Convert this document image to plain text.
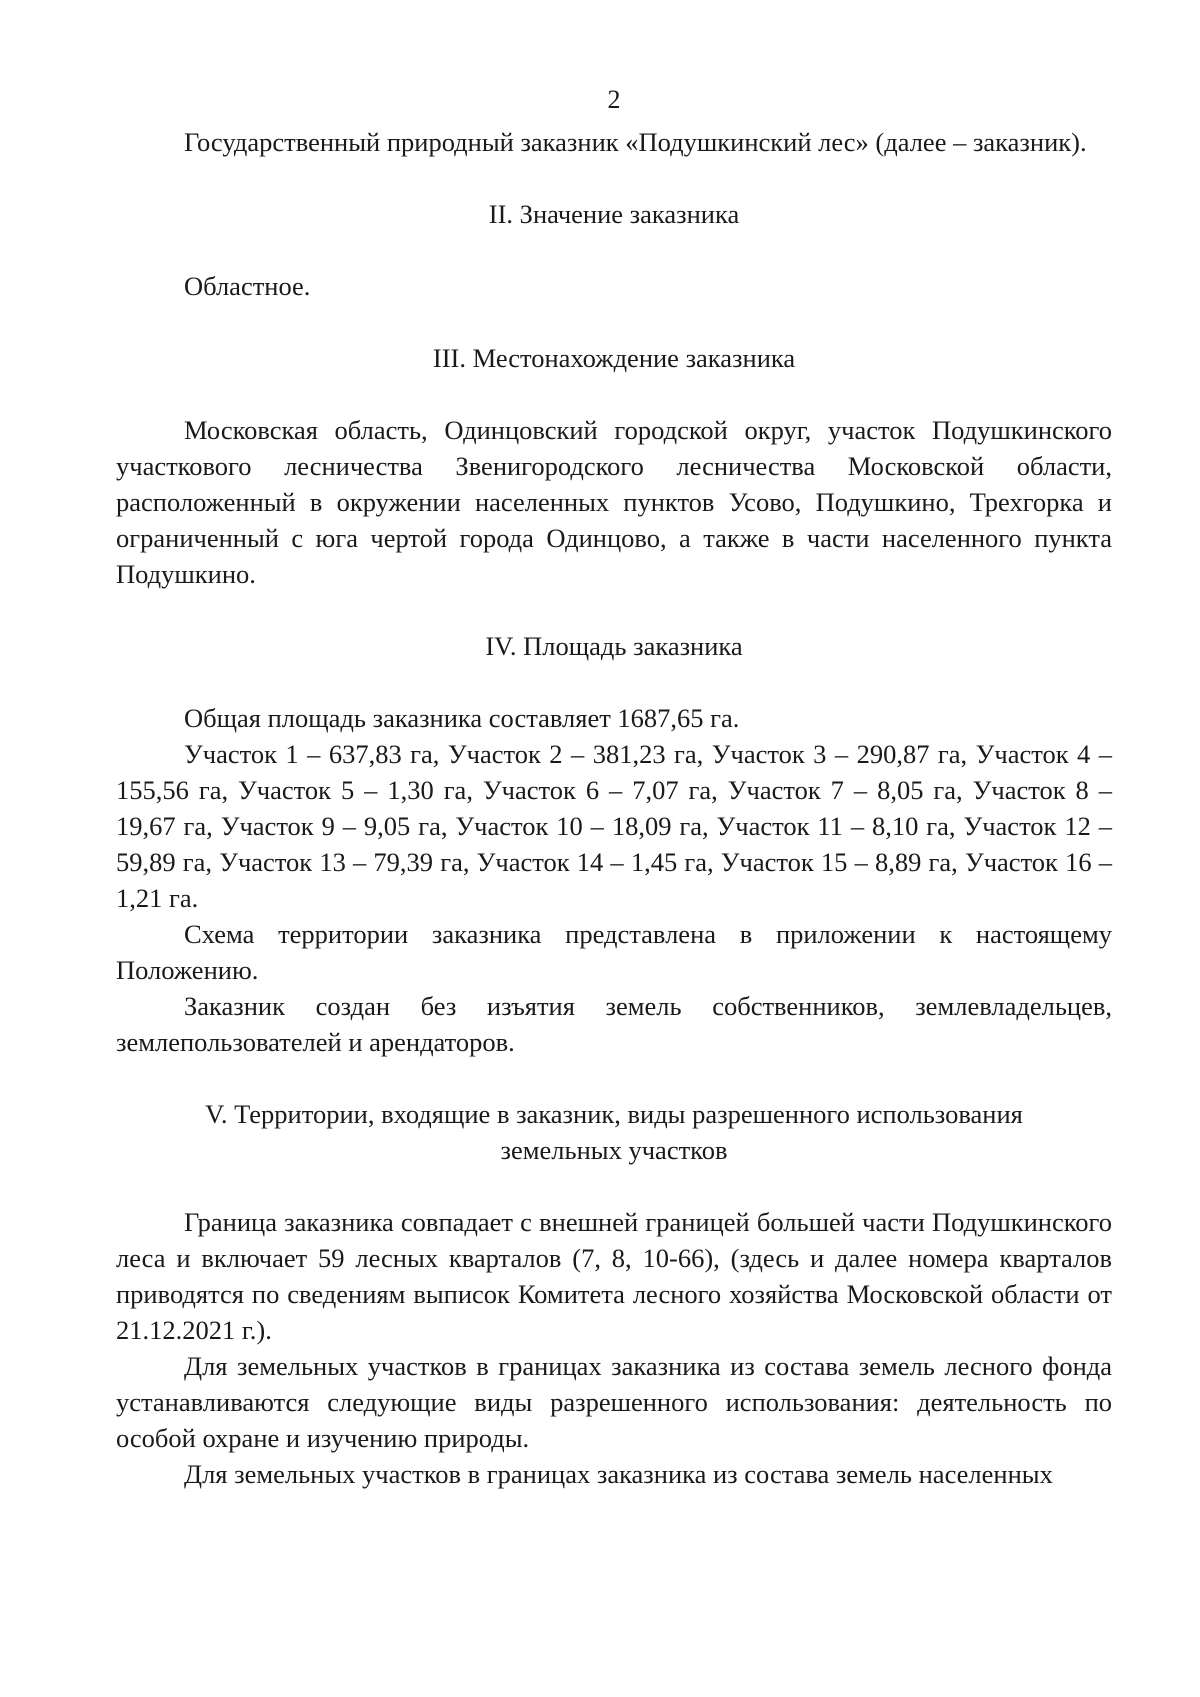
2

Государственный природный заказник «Подушкинский лес» (далее – заказник).

II. Значение заказника

Областное.

III. Местонахождение заказника

Московская область, Одинцовский городской округ, участок Подушкинского участкового лесничества Звенигородского лесничества Московской области, расположенный в окружении населенных пунктов Усово, Подушкино, Трехгорка и ограниченный с юга чертой города Одинцово, а также в части населенного пункта Подушкино.

IV. Площадь заказника

Общая площадь заказника составляет 1687,65 га.

Участок 1 – 637,83 га, Участок 2 – 381,23 га, Участок 3 – 290,87 га, Участок 4 – 155,56 га, Участок 5 – 1,30 га, Участок 6 – 7,07 га, Участок 7 – 8,05 га, Участок 8 – 19,67 га, Участок 9 – 9,05 га, Участок 10 – 18,09 га, Участок 11 – 8,10 га, Участок 12 – 59,89 га, Участок 13 – 79,39 га, Участок 14 – 1,45 га, Участок 15 – 8,89 га, Участок 16 – 1,21 га.

Схема территории заказника представлена в приложении к настоящему Положению.

Заказник создан без изъятия земель собственников, землевладельцев, землепользователей и арендаторов.

V. Территории, входящие в заказник, виды разрешенного использования
земельных участков

Граница заказника совпадает с внешней границей большей части Подушкинского леса и включает 59 лесных кварталов (7, 8, 10-66), (здесь и далее номера кварталов приводятся по сведениям выписок Комитета лесного хозяйства Московской области от 21.12.2021 г.).

Для земельных участков в границах заказника из состава земель лесного фонда устанавливаются следующие виды разрешенного использования: деятельность по особой охране и изучению природы.

Для земельных участков в границах заказника из состава земель населенных
